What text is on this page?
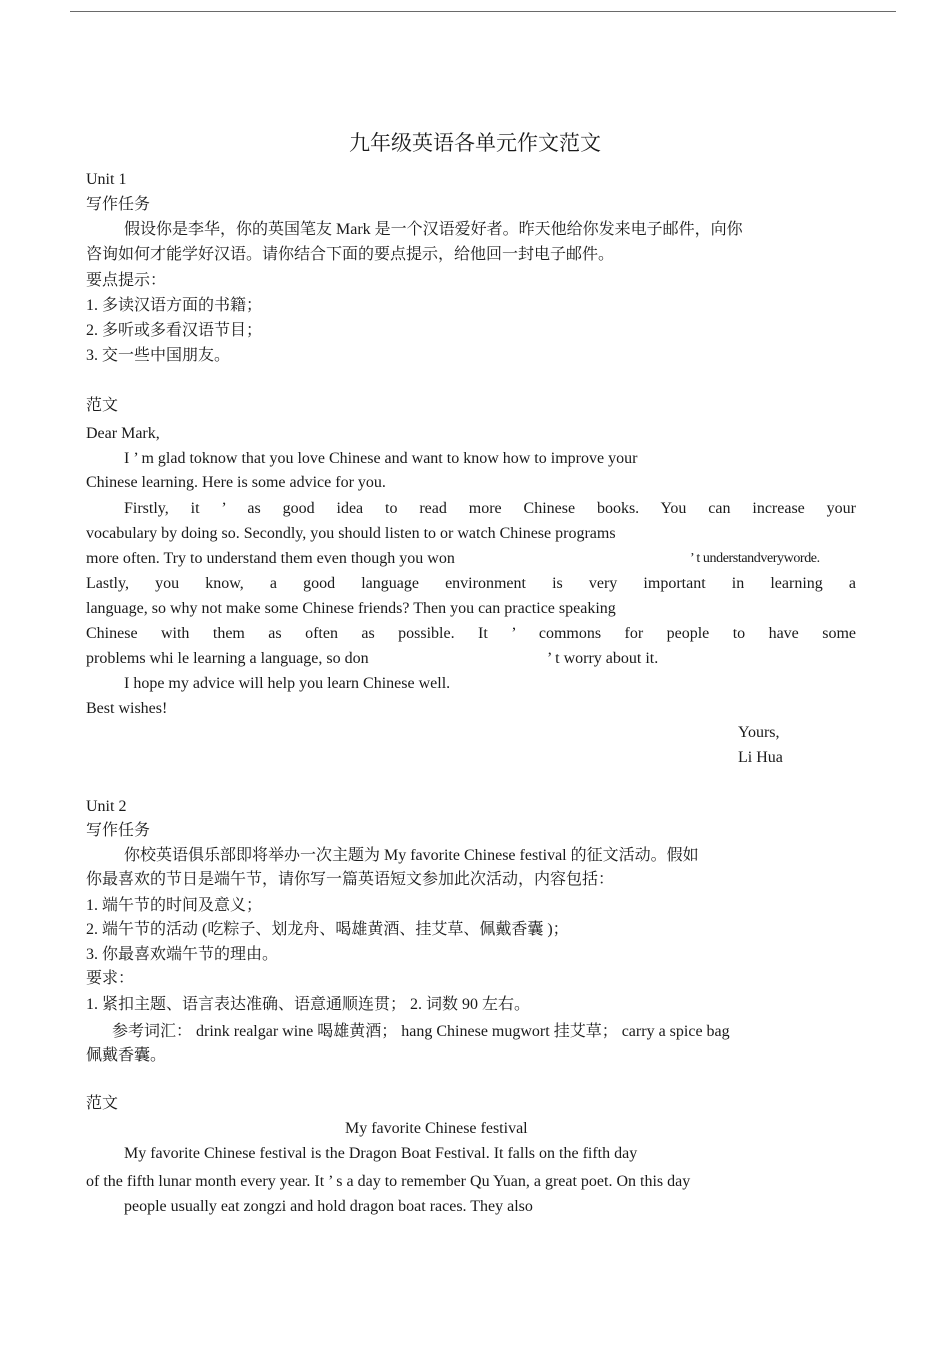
九年级英语各单元作文范文
Unit 1
写作任务
假设你是李华，你的英国笔友 Mark 是一个汉语爱好者。昨天他给你发来电子邮件，向你
咨询如何才能学好汉语。请你结合下面的要点提示，给他回一封电子邮件。
要点提示：
1. 多读汉语方面的书籍；
2. 多听或多看汉语节目；
3. 交一些中国朋友。
范文
Dear Mark,
I ’ m glad toknow that you love Chinese and want to know how to improve your
Chinese learning. Here is some advice for you.
Firstly, it ’ as good idea to read more Chinese books. You can increase your
vocabulary by doing so. Secondly, you should listen to or watch Chinese programs
more often. Try to understand them even though you won	’ t understandveryworde.
Lastly, you know, a good language environment is very important in learning a
language, so why not make some Chinese friends? Then you can practice speaking
Chinese with them as often as possible. It ’ commons for people to have some
problems whi le learning a language, so don	’ t worry about it.
I hope my advice will help you learn Chinese well.
Best wishes!
Yours,
Li Hua
Unit 2
写作任务
你校英语俱乐部即将举办一次主题为 My favorite Chinese festival 的征文活动。假如
你最喜欢的节日是端午节，请你写一篇英语短文参加此次活动，内容包括：
1. 端午节的时间及意义；
2. 端午节的活动 (吃粽子、划龙舟、喝雄黄酒、挂艾草、佩戴香囊 )；
3. 你最喜欢端午节的理由。
要求：
1. 紧扣主题、语言表达准确、语意通顺连贯； 2. 词数 90 左右。
参考词汇： drink realgar wine 喝雄黄酒； hang Chinese mugwort 挂艾草； carry a spice bag
佩戴香囊。
范文
My favorite Chinese festival
My favorite Chinese festival is the Dragon Boat Festival. It falls on the fifth day
of the fifth lunar month every year. It ’ s a day to remember Qu Yuan, a great poet. On this day
people usually eat zongzi and hold dragon boat races. They also
